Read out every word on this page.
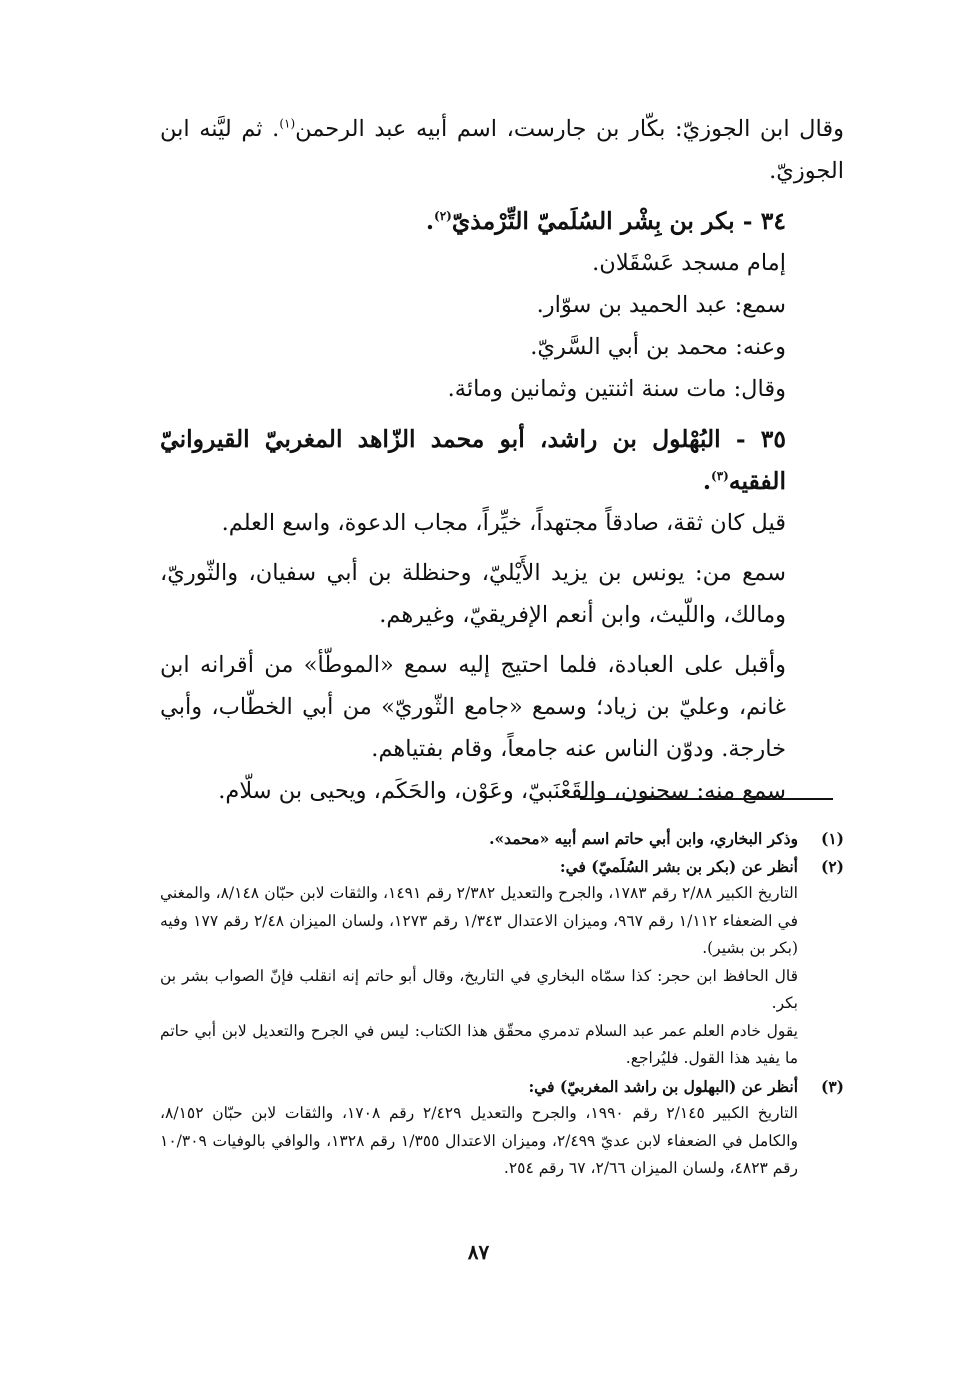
وقال ابن الجوزيّ: بكّار بن جارست، اسم أبيه عبد الرحمن$^{(١)}$. ثم ليَّنه ابن الجوزيّ.

٣٤ - بكر بن بِشْر السُلَميّ التِّرْمذيّ$^{(٢)}$.

إمام مسجد عَسْقَلان.

سمع: عبد الحميد بن سوّار.

وعنه: محمد بن أبي السَّريّ.

وقال: مات سنة اثنتين وثمانين ومائة.

٣٥ - البُهْلول بن راشد، أبو محمد الزّاهد المغربيّ القيروانيّ الفقيه$^{(٣)}$.

قيل كان ثقة، صادقاً مجتهداً، خيِّراً، مجاب الدعوة، واسع العلم.

سمع من: يونس بن يزيد الأَيْليّ، وحنظلة بن أبي سفيان، والثّوريّ، ومالك، واللّيث، وابن أنعم الإفريقيّ، وغيرهم.

وأقبل على العبادة، فلما احتيج إليه سمع «الموطّأ» من أقرانه ابن غانم، وعليّ بن زياد؛ وسمع «جامع الثّوريّ» من أبي الخطّاب، وأبي خارجة. ودوّن الناس عنه جامعاً، وقام بفتياهم.

سمع منه: سحنون، والقَعْنَبيّ، وعَوْن، والحَكَم، ويحيى بن سلّام.

(١)
وذكر البخاري، وابن أبي حاتم اسم أبيه «محمد».
(٢)
أنظر عن (بكر بن بشر السُلَميّ) في:

التاريخ الكبير ٢/٨٨ رقم ١٧٨٣، والجرح والتعديل ٢/٣٨٢ رقم ١٤٩١، والثقات لابن حبّان ٨/١٤٨، والمغني في الضعفاء ١/١١٢ رقم ٩٦٧، وميزان الاعتدال ١/٣٤٣ رقم ١٢٧٣، ولسان الميزان ٢/٤٨ رقم ١٧٧ وفيه (بكر بن بشير).

قال الحافظ ابن حجر: كذا سمّاه البخاري في التاريخ، وقال أبو حاتم إنه انقلب فإنّ الصواب بشر بن بكر.

يقول خادم العلم عمر عبد السلام تدمري محقّق هذا الكتاب: ليس في الجرح والتعديل لابن أبي حاتم ما يفيد هذا القول. فليُراجع.

(٣)
أنظر عن (البهلول بن راشد المغربيّ) في:

التاريخ الكبير ٢/١٤٥ رقم ١٩٩٠، والجرح والتعديل ٢/٤٢٩ رقم ١٧٠٨، والثقات لابن حبّان ٨/١٥٢، والكامل في الضعفاء لابن عديّ ٢/٤٩٩، وميزان الاعتدال ١/٣٥٥ رقم ١٣٢٨، والوافي بالوفيات ١٠/٣٠٩ رقم ٤٨٢٣، ولسان الميزان ٢/٦٦، ٦٧ رقم ٢٥٤.

٨٧
